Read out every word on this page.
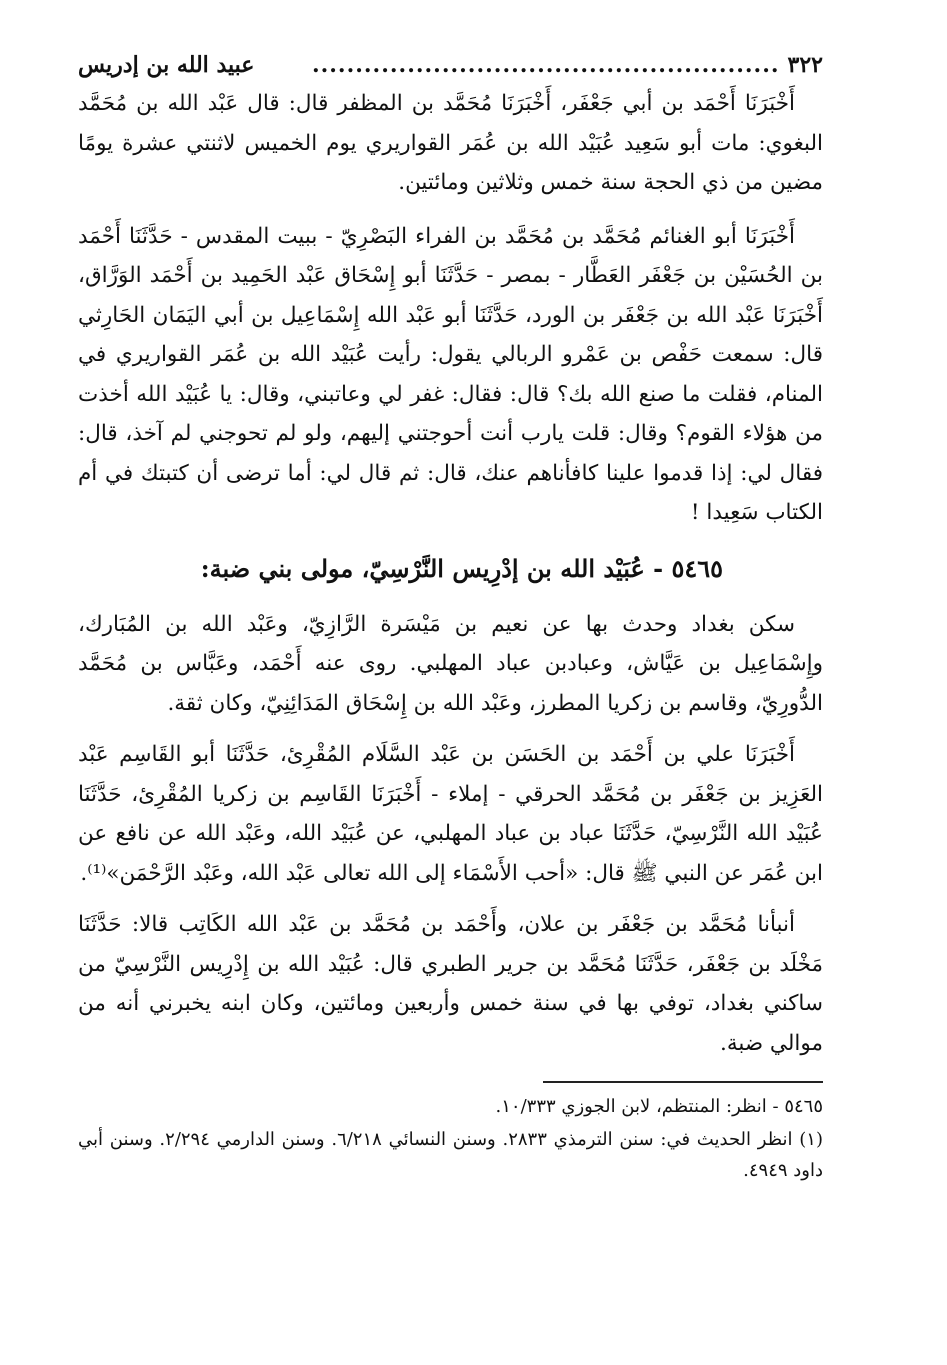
٣٢٢
......................................................
عبيد الله بن إدريس

أَخْبَرَنَا أَحْمَد بن أبي جَعْفَر، أَخْبَرَنَا مُحَمَّد بن المظفر قال: قال عَبْد الله بن مُحَمَّد البغوي: مات أبو سَعِيد عُبَيْد الله بن عُمَر القواريري يوم الخميس لاثنتي عشرة يومًا مضين من ذي الحجة سنة خمس وثلاثين ومائتين.

أَخْبَرَنَا أبو الغنائم مُحَمَّد بن مُحَمَّد بن الفراء البَصْرِيّ - ببيت المقدس - حَدَّثَنَا أَحْمَد بن الحُسَيْن بن جَعْفَر العَطَّار - بمصر - حَدَّثَنَا أبو إِسْحَاق عَبْد الحَمِيد بن أَحْمَد الوَرَّاق، أَخْبَرَنَا عَبْد الله بن جَعْفَر بن الورد، حَدَّثَنَا أبو عَبْد الله إِسْمَاعِيل بن أبي اليَمَان الحَارِثي قال: سمعت حَفْص بن عَمْرو الربالي يقول: رأيت عُبَيْد الله بن عُمَر القواريري في المنام، فقلت ما صنع الله بك؟ قال: فقال: غفر لي وعاتبني، وقال: يا عُبَيْد الله أخذت من هؤلاء القوم؟ وقال: قلت يارب أنت أحوجتني إليهم، ولو لم تحوجني لم آخذ، قال: فقال لي: إذا قدموا علينا كافأناهم عنك، قال: ثم قال لي: أما ترضى أن كتبتك في أم الكتاب سَعِيدا !

٥٤٦٥ - عُبَيْد الله بن إدْرِيس النَّرْسِيّ، مولى بني ضبة:

سكن بغداد وحدث بها عن نعيم بن مَيْسَرة الرَّازِيّ، وعَبْد الله بن المُبَارك، وإِسْمَاعِيل بن عَيَّاش، وعبادبن عباد المهلبي. روى عنه أَحْمَد، وعَبَّاس بن مُحَمَّد الدُّورِيّ، وقاسم بن زكريا المطرز، وعَبْد الله بن إِسْحَاق المَدَائِنِيّ، وكان ثقة.

أَخْبَرَنَا علي بن أَحْمَد بن الحَسَن بن عَبْد السَّلَام المُقْرِئ، حَدَّثَنَا أبو القَاسِم عَبْد العَزِيز بن جَعْفَر بن مُحَمَّد الحرقي - إملاء - أَخْبَرَنَا القَاسِم بن زكريا المُقْرِئ، حَدَّثَنَا عُبَيْد الله النَّرْسِيّ، حَدَّثَنَا عباد بن عباد المهلبي، عن عُبَيْد الله، وعَبْد الله عن نافع عن ابن عُمَر عن النبي ﷺ قال: «أحب الأَسْمَاء إلى الله تعالى عَبْد الله، وعَبْد الرَّحْمَن»⁽¹⁾.

أنبأنا مُحَمَّد بن جَعْفَر بن علان، وأَحْمَد بن مُحَمَّد بن عَبْد الله الكَاتِب قالا: حَدَّثَنَا مَخْلَد بن جَعْفَر، حَدَّثَنَا مُحَمَّد بن جرير الطبري قال: عُبَيْد الله بن إِدْرِيس النَّرْسِيّ من ساكني بغداد، توفي بها في سنة خمس وأربعين ومائتين، وكان ابنه يخبرني أنه من موالي ضبة.

٥٤٦٥ - انظر: المنتظم، لابن الجوزي ١٠/٣٣٣.

(١) انظر الحديث في: سنن الترمذي ٢٨٣٣. وسنن النسائي ٦/٢١٨. وسنن الدارمي ٢/٢٩٤. وسنن أبي داود ٤٩٤٩.
